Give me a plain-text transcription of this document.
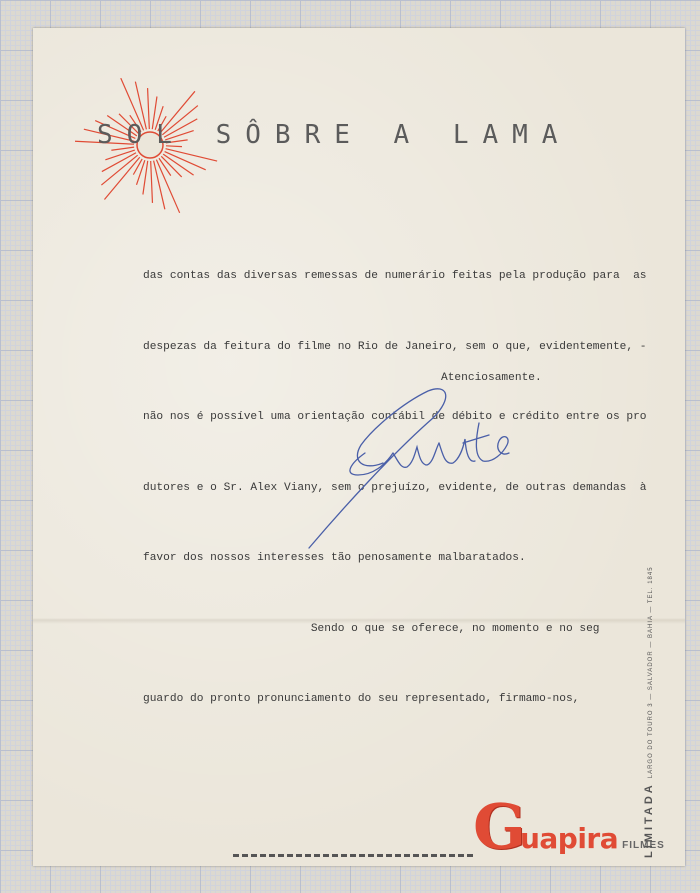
SOL SÔBRE A LAMA

das contas das diversas remessas de numerário feitas pela produção para  as

despezas da feitura do filme no Rio de Janeiro, sem o que, evidentemente, -

não nos é possível uma orientação contábil de débito e crédito entre os pro

dutores e o Sr. Alex Viany, sem o prejuízo, evidente, de outras demandas  à

favor dos nossos interesses tão penosamente malbaratados.

Sendo o que se oferece, no momento e no seg

guardo do pronto pronunciamento do seu representado, firmamo-nos,

Atenciosamente.
Guapira FILMES
LIMITADALARGO DO TOURO 3 — SALVADOR — BAHIA — TEL. 1845
